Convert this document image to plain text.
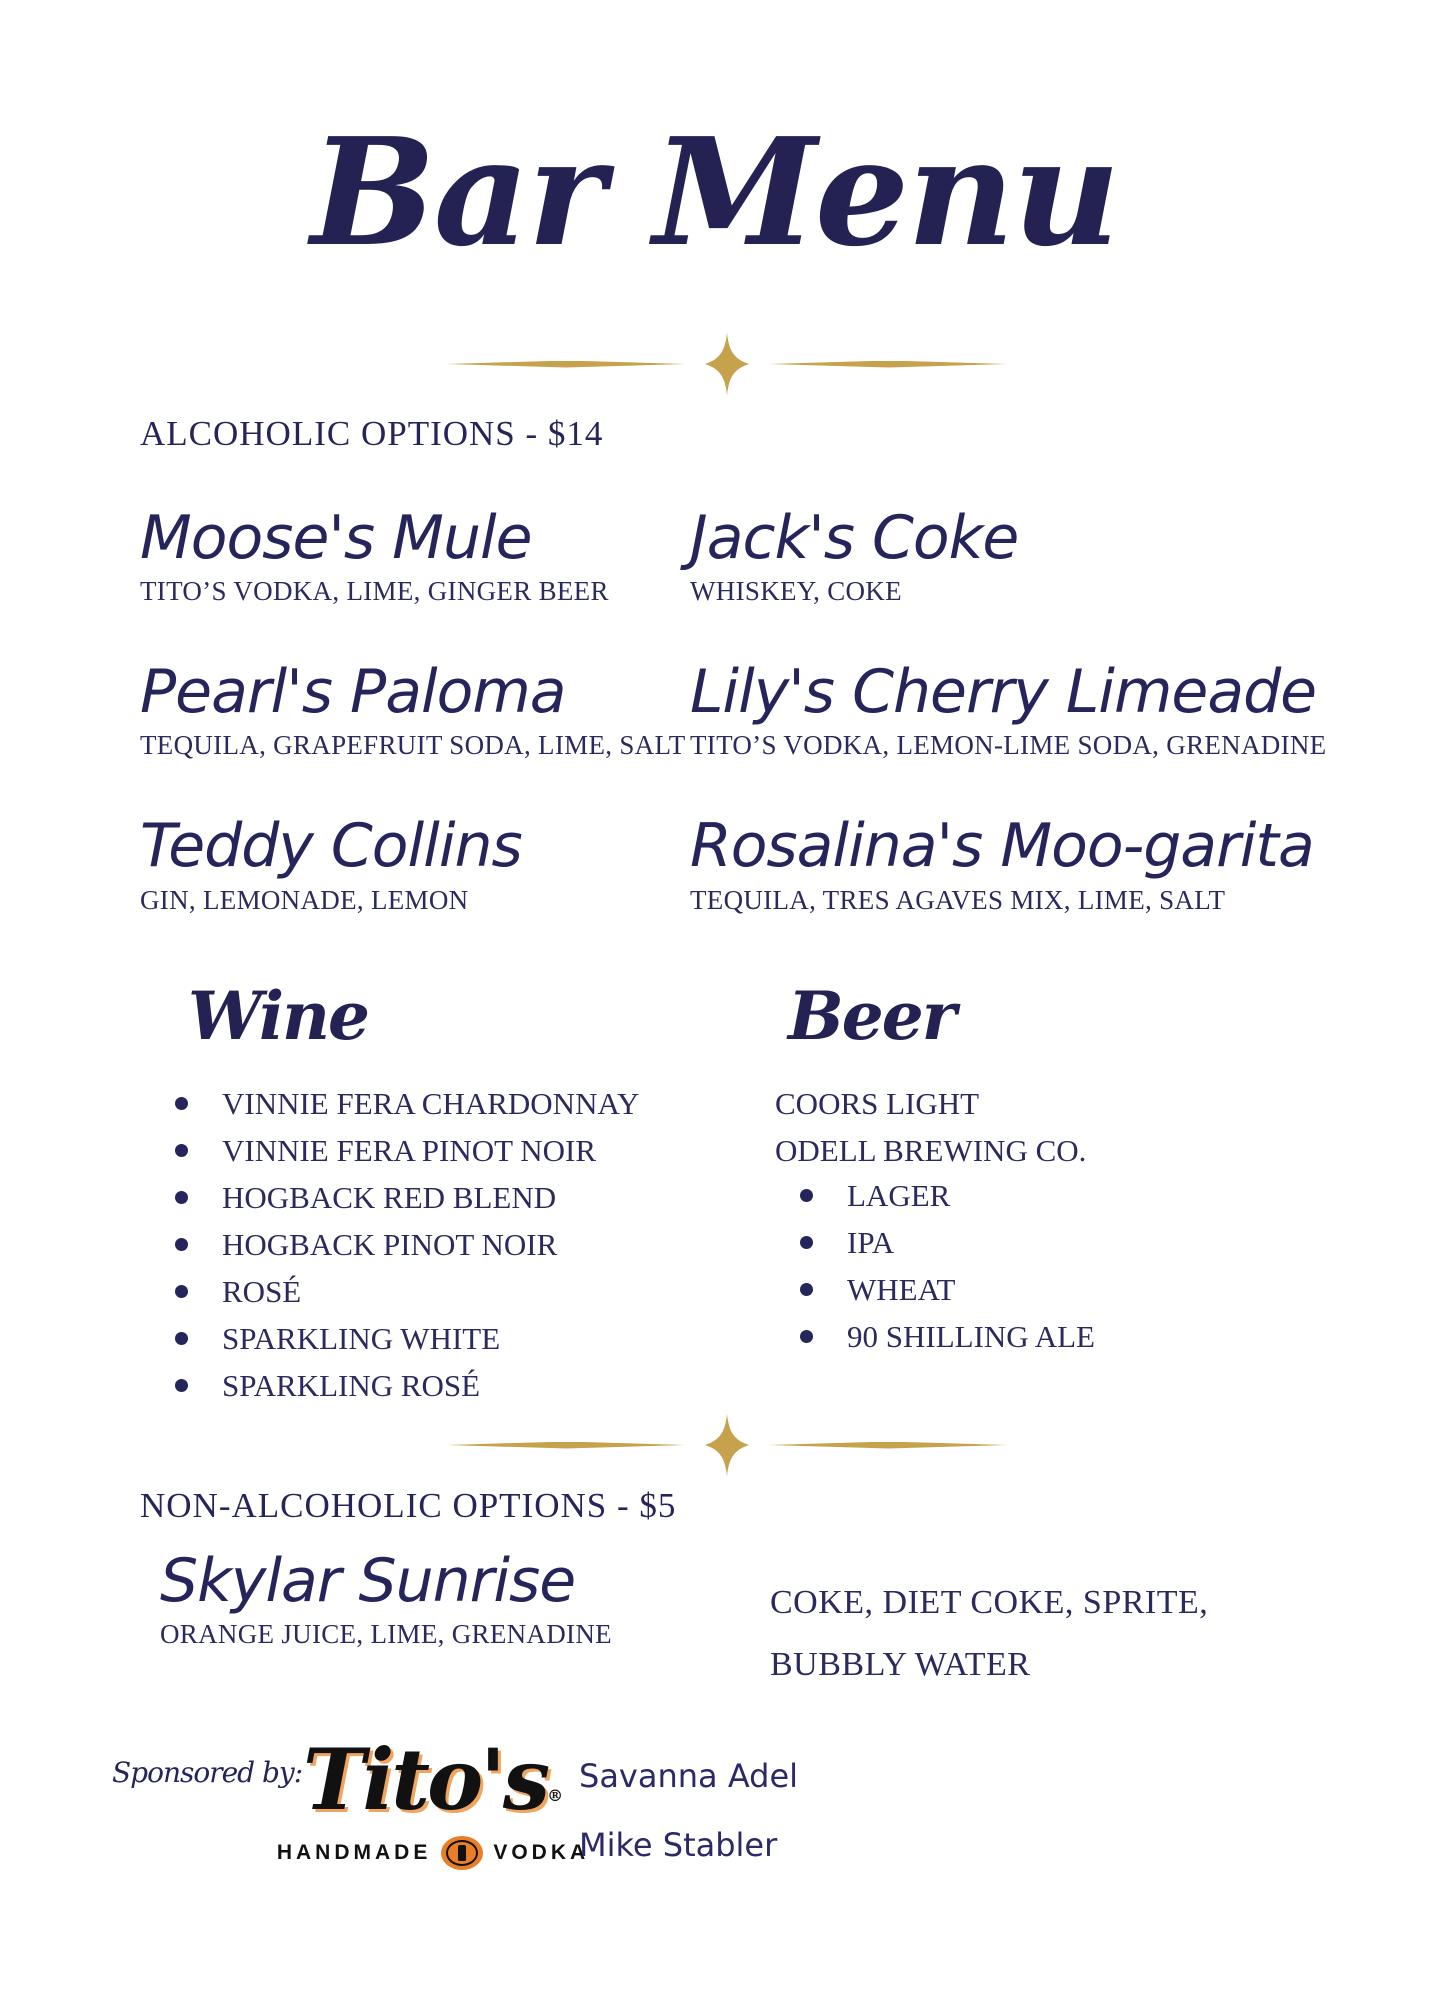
Bar Menu
ALCOHOLIC OPTIONS - $14
Moose's Mule
TITO’S VODKA, LIME, GINGER BEER
Jack's Coke
WHISKEY, COKE
Pearl's Paloma
TEQUILA, GRAPEFRUIT SODA, LIME, SALT
Lily's Cherry Limeade
TITO’S VODKA, LEMON-LIME SODA, GRENADINE
Teddy Collins
GIN, LEMONADE, LEMON
Rosalina's Moo-garita
TEQUILA, TRES AGAVES MIX, LIME, SALT
Wine
VINNIE FERA CHARDONNAY
VINNIE FERA PINOT NOIR
HOGBACK RED BLEND
HOGBACK PINOT NOIR
ROSÉ
SPARKLING WHITE
SPARKLING ROSÉ
Beer
COORS LIGHT
ODELL BREWING CO.
LAGER
IPA
WHEAT
90 SHILLING ALE
NON-ALCOHOLIC OPTIONS - $5
Skylar Sunrise
ORANGE JUICE, LIME, GRENADINE
COKE, DIET COKE, SPRITE,
BUBBLY WATER
Sponsored by: Tito's®
HANDMADE	VODKA
Savanna Adel
Mike Stabler
